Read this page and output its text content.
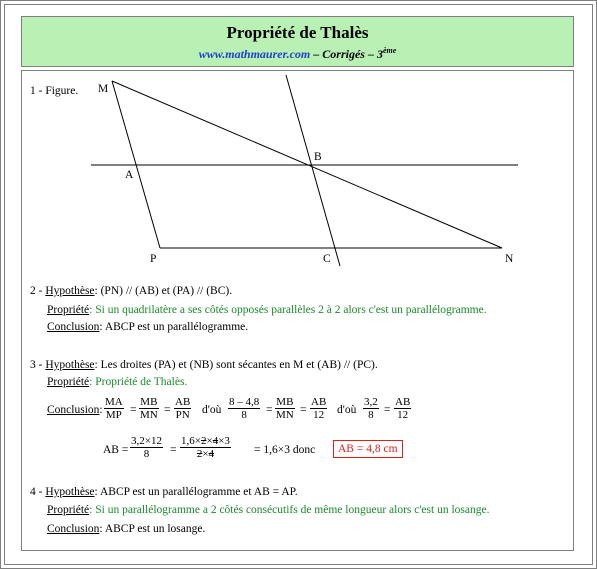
Propriété de Thalès
www.mathmaurer.com – Corrigés – 3ème
1 - Figure. M
A
B
P	C	N
2 - Hypothèse: (PN) // (AB) et (PA) // (BC).
Propriété: Si un quadrilatère a ses côtés opposés parallèles 2 à 2 alors c'est un parallélogramme.
Conclusion: ABCP est un parallélogramme.
3 - Hypothèse: Les droites (PA) et (NB) sont sécantes en M et (AB) // (PC).
Propriété: Propriété de Thalès.
Conclusion: $\frac{MA}{MP} = \frac{MB}{MN} = \frac{AB}{PN}$ d'où $\frac{8 - 4,8}{8} = \frac{MB}{MN} = \frac{AB}{12}$ d'où $\frac{3,2}{8} = \frac{AB}{12}$
AB = $\frac{3,2\times 12}{8} = \frac{1,6\times 2\times 4\times 3}{2\times 4} = 1,6\times 3$ donc	AB = 4,8 cm
4 - Hypothèse: ABCP est un parallélogramme et AB = AP.
Propriété: Si un parallélogramme a 2 côtés consécutifs de même longueur alors c'est un losange.
Conclusion: ABCP est un losange.
